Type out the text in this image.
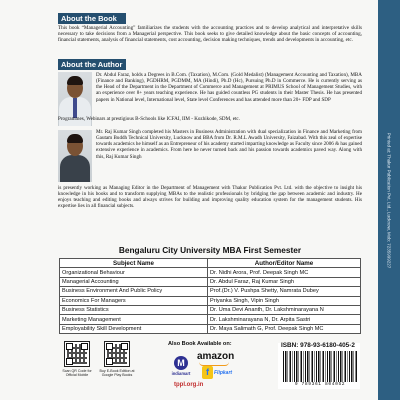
Printed at: Thakur Publication Pvt. Ltd., Lucknow, Mob: 7235999227
About the Book

This book “Managerial Accounting” familiarizes the students with the accounting practices and to develop analytical and interpretative skills necessary to take decisions from a Managerial perspective. This book seeks to give detailed knowledge about the basic concepts of accounting, financial statements, analysis of financial statements, cost accounting, decision making techniques, trends and developments in accounting, etc.

About the Author

Dr. Abdul Faraz, holds a Degrees in B.Com. (Taxation), M.Com. (Gold Medalist) (Management Accounting and Taxation), MBA (Finance and Banking), PGDHRM, PGDMM, MA (Hindi), Ph.D (Hc), Pursuing Ph.D in Commerce. He is currently serving as the Head of the Department in the Department of Commerce and Management at PRIMUS School of Management Studies, with an experience over 8+ years teaching experience. He has guided countless PG students in their Master Thesis. He has presented papers in National level, International level, State level Conferences and has attended more than 20+ FDP and SDP

Programmes, Webinars at prestigious B-Schools like ICFAI, IIM - Kozhikode, SDM, etc.

Mr. Raj Kumar Singh completed his Masters in Business Administration with dual specialization in Finance and Marketing from Gautam Buddh Technical University, Lucknow and BBA from Dr. R.M.L Awadh University, Faizabad. With this zeal of expertise towards academics he himself as an Entrepreneur of his academy started imparting knowledge as Faculty since 2006 & has gained extensive experience in academics. From here he never turned back and his passion towards academics paved way. Along with this, Raj Kumar Singh

is presently working as Managing Editor in the Department of Management with Thakur Publication Pvt. Ltd. with the objective to insight his knowledge in his books and to transform supplying MBAs to the realistic professionals by bridging the gap between academic and industry. He enjoys teaching and editing books and always strives for building and improving quality education system for the management students. His expertise lies in all financial subjects.

Bengaluru City University MBA First Semester
Subject Name	Author/Editor Name
Organizational Behaviour	Dr. Nidhi Arora, Prof. Deepak Singh MC
Managerial Accounting	Dr. Abdul Faraz, Raj Kumar Singh
Business Environment And Public Policy	Prof.(Dr.) V. Pushpa Shetty, Namrata Dubey
Economics For Managers	Priyanka Singh, Vipin Singh
Business Statistics	Dr. Uma Devi Ananth, Dr. Lakshminarayana N
Marketing Management	Dr. Lakshminarayana N, Dr. Arpita Sastri
Employability Skill Development	Dr. Maya Salimath G, Prof. Deepak Singh MC
Scan QR Code for Official Mobile
Buy E-Book Edition at Google Play Books
Also Book Available on:
M
indiamart
amazon
f	Flipkart
tppl.org.in
ISBN: 978-93-6180-405-2
9 789361 804052
